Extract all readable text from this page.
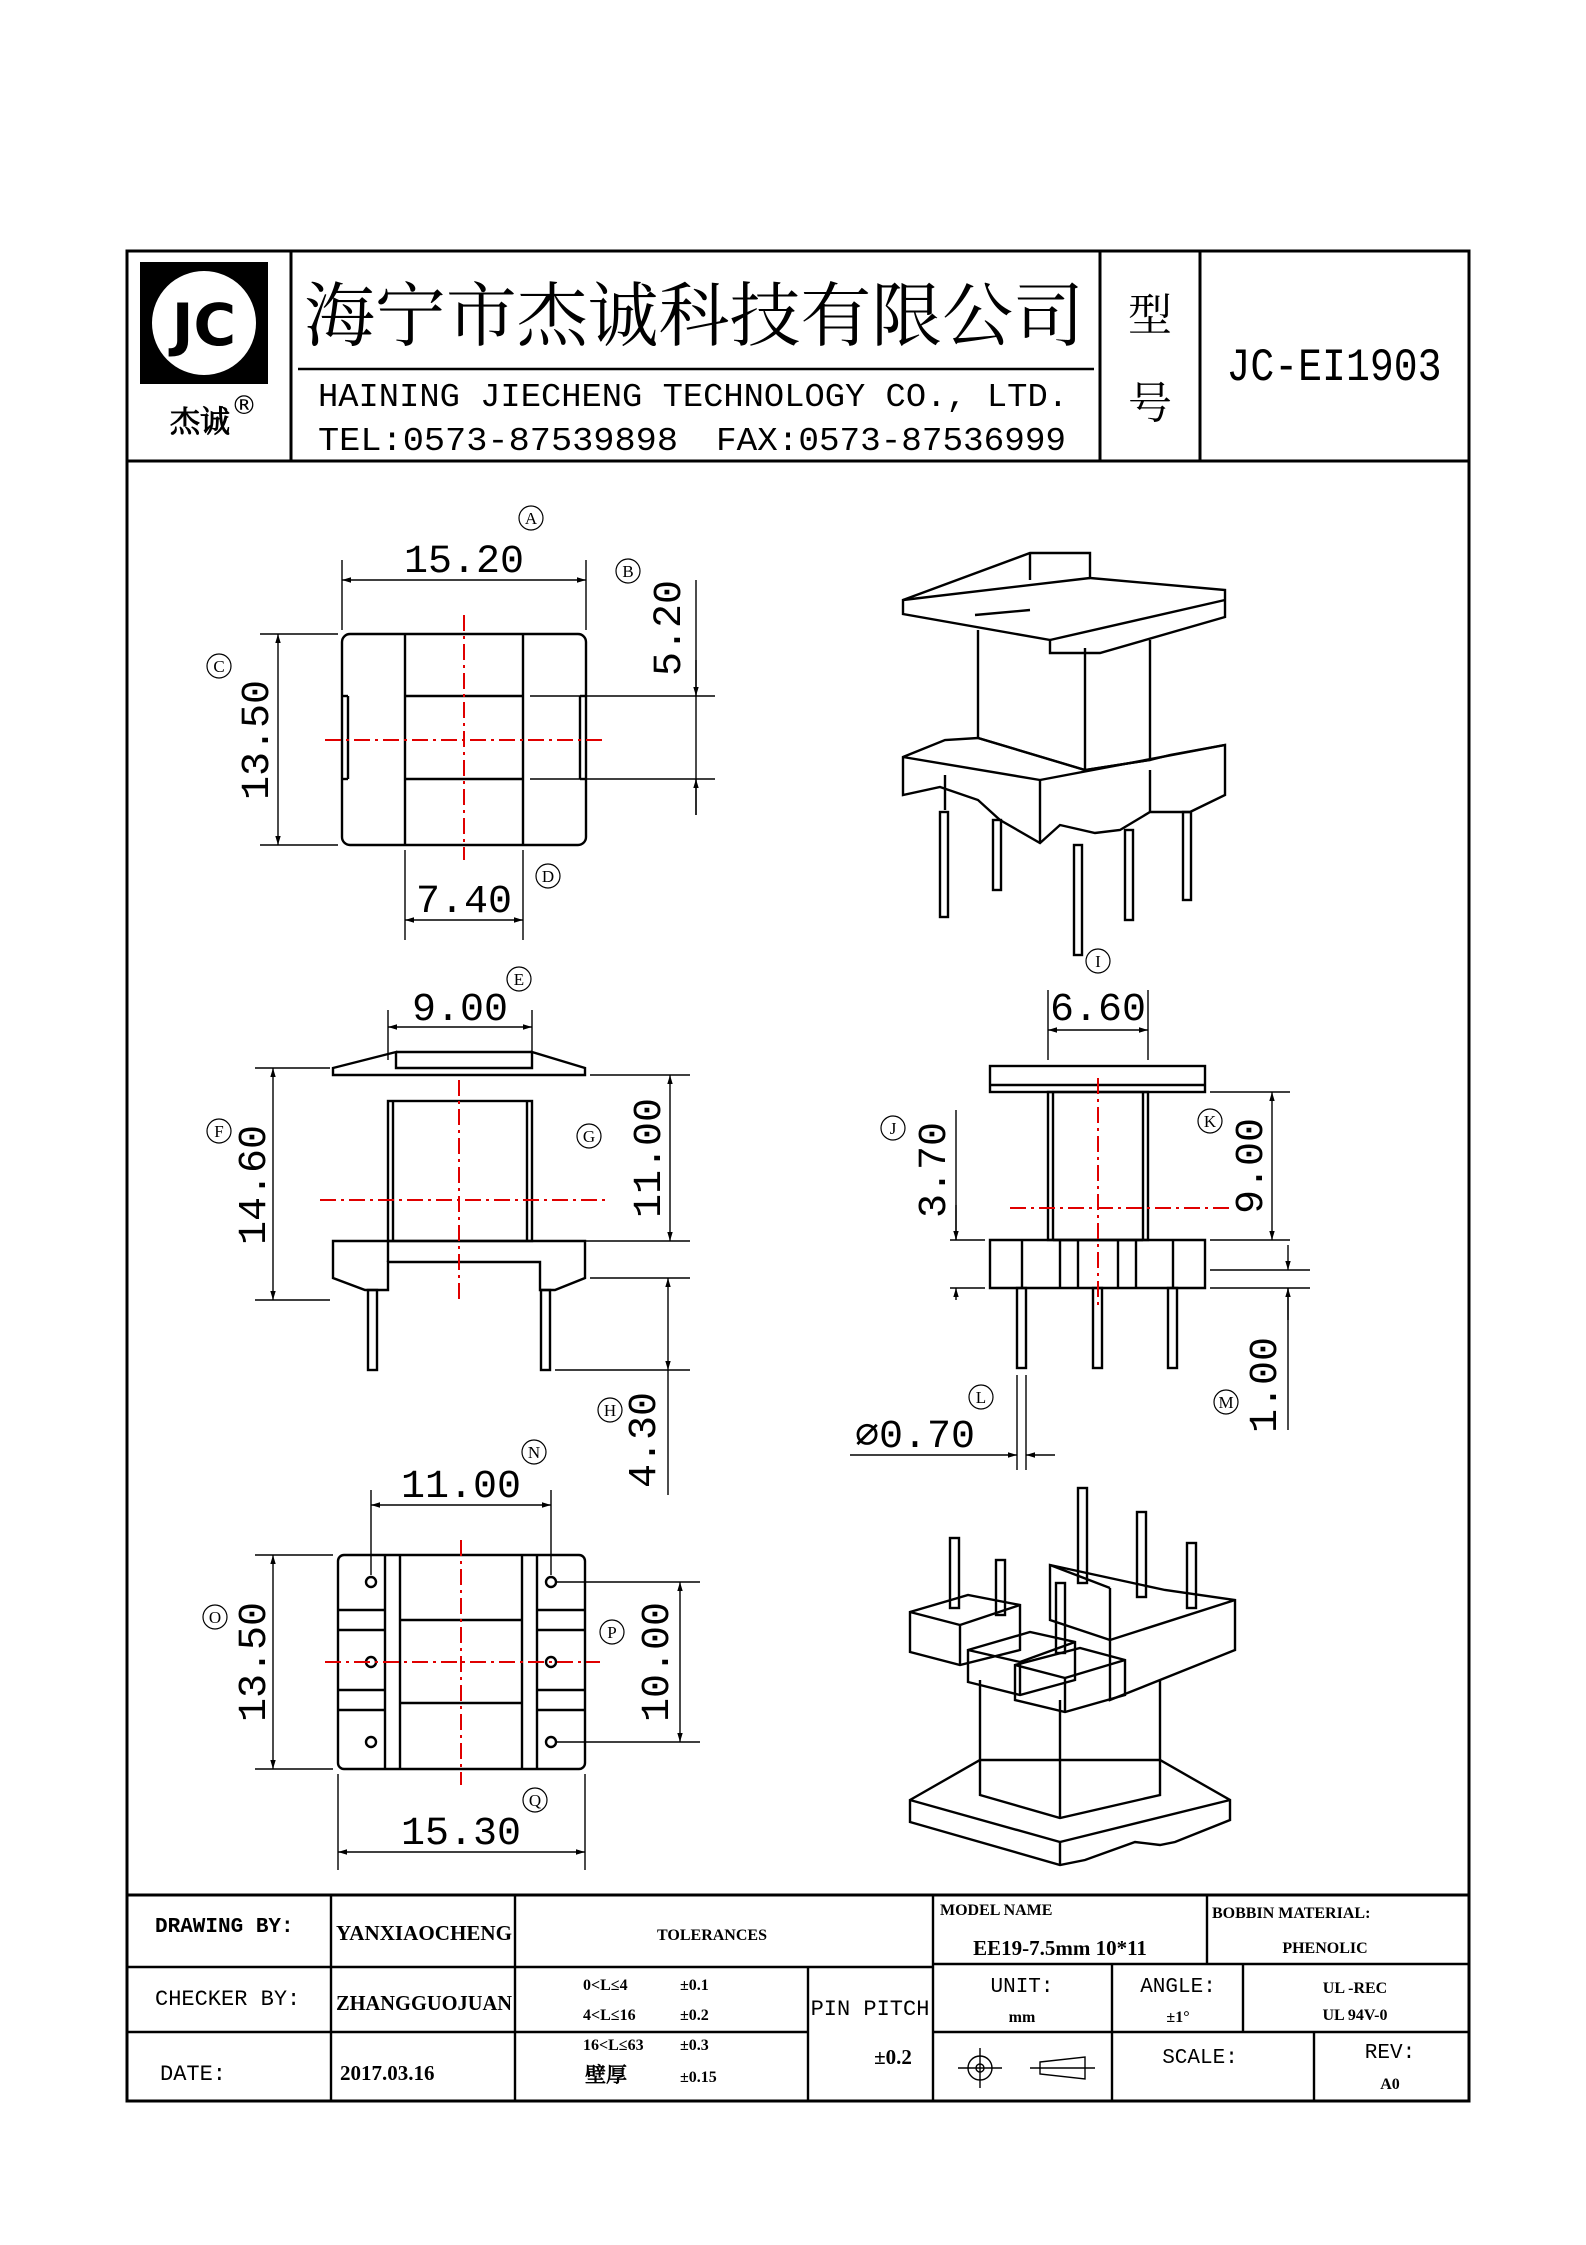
JC
杰诚 ®
海宁市杰诚科技有限公司
HAINING JIECHENG TECHNOLOGY CO., LTD.
TEL:0573-87539898 FAX:0573-87536999
型
号
JC-EI1903
15.20
5.20
13.50
7.40
9.00
14.60	11.00
4.30
6.60
3.70	9.00
⌀0.70
1.00
11.00
13.50	10.00
15.30
A
B
C
D
E
F	G
H
I
J	K
L	M
N
O
P
Q
DRAWING BY: YANXIAOCHENG
CHECKER BY: ZHANGGUOJUAN
DATE:	2017.03.16
TOLERANCES
0<L≤4	±0.1
4<L≤16	±0.2
16<L≤63 ±0.3
壁厚	±0.15
PIN PITCH
±0.2
MODEL NAME
EE19-7.5mm 10*11
BOBBIN MATERIAL:
PHENOLIC
UNIT:
mm
ANGLE:
±1°
UL -REC
UL 94V-0
SCALE:	REV:
A0
